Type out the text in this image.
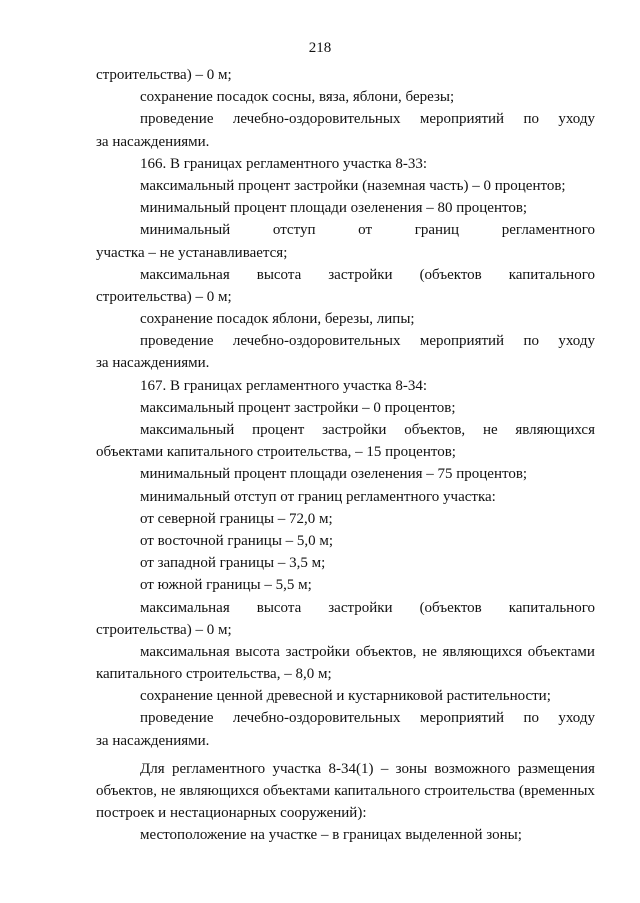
218
строительства) – 0 м;
сохранение посадок сосны, вяза, яблони, березы;
проведение лечебно-оздоровительных мероприятий по уходу
за насаждениями.
166. В границах регламентного участка 8-33:
максимальный процент застройки (наземная часть) – 0 процентов;
минимальный процент площади озеленения – 80 процентов;
минимальный	отступ	от	границ	регламентного
участка – не устанавливается;
максимальная высота застройки (объектов капитального
строительства) – 0 м;
сохранение посадок яблони, березы, липы;
проведение лечебно-оздоровительных мероприятий по уходу
за насаждениями.
167. В границах регламентного участка 8-34:
максимальный процент застройки – 0 процентов;
максимальный процент застройки объектов, не являющихся
объектами капитального строительства, – 15 процентов;
минимальный процент площади озеленения – 75 процентов;
минимальный отступ от границ регламентного участка:
от северной границы – 72,0 м;
от восточной границы – 5,0 м;
от западной границы – 3,5 м;
от южной границы – 5,5 м;
максимальная высота застройки (объектов капитального
строительства) – 0 м;
максимальная высота застройки объектов, не являющихся объектами
капитального строительства, – 8,0 м;
сохранение ценной древесной и кустарниковой растительности;
проведение лечебно-оздоровительных мероприятий по уходу
за насаждениями.
Для регламентного участка 8-34(1) – зоны возможного размещения
объектов, не являющихся объектами капитального строительства (временных
построек и нестационарных сооружений):
местоположение на участке – в границах выделенной зоны;
